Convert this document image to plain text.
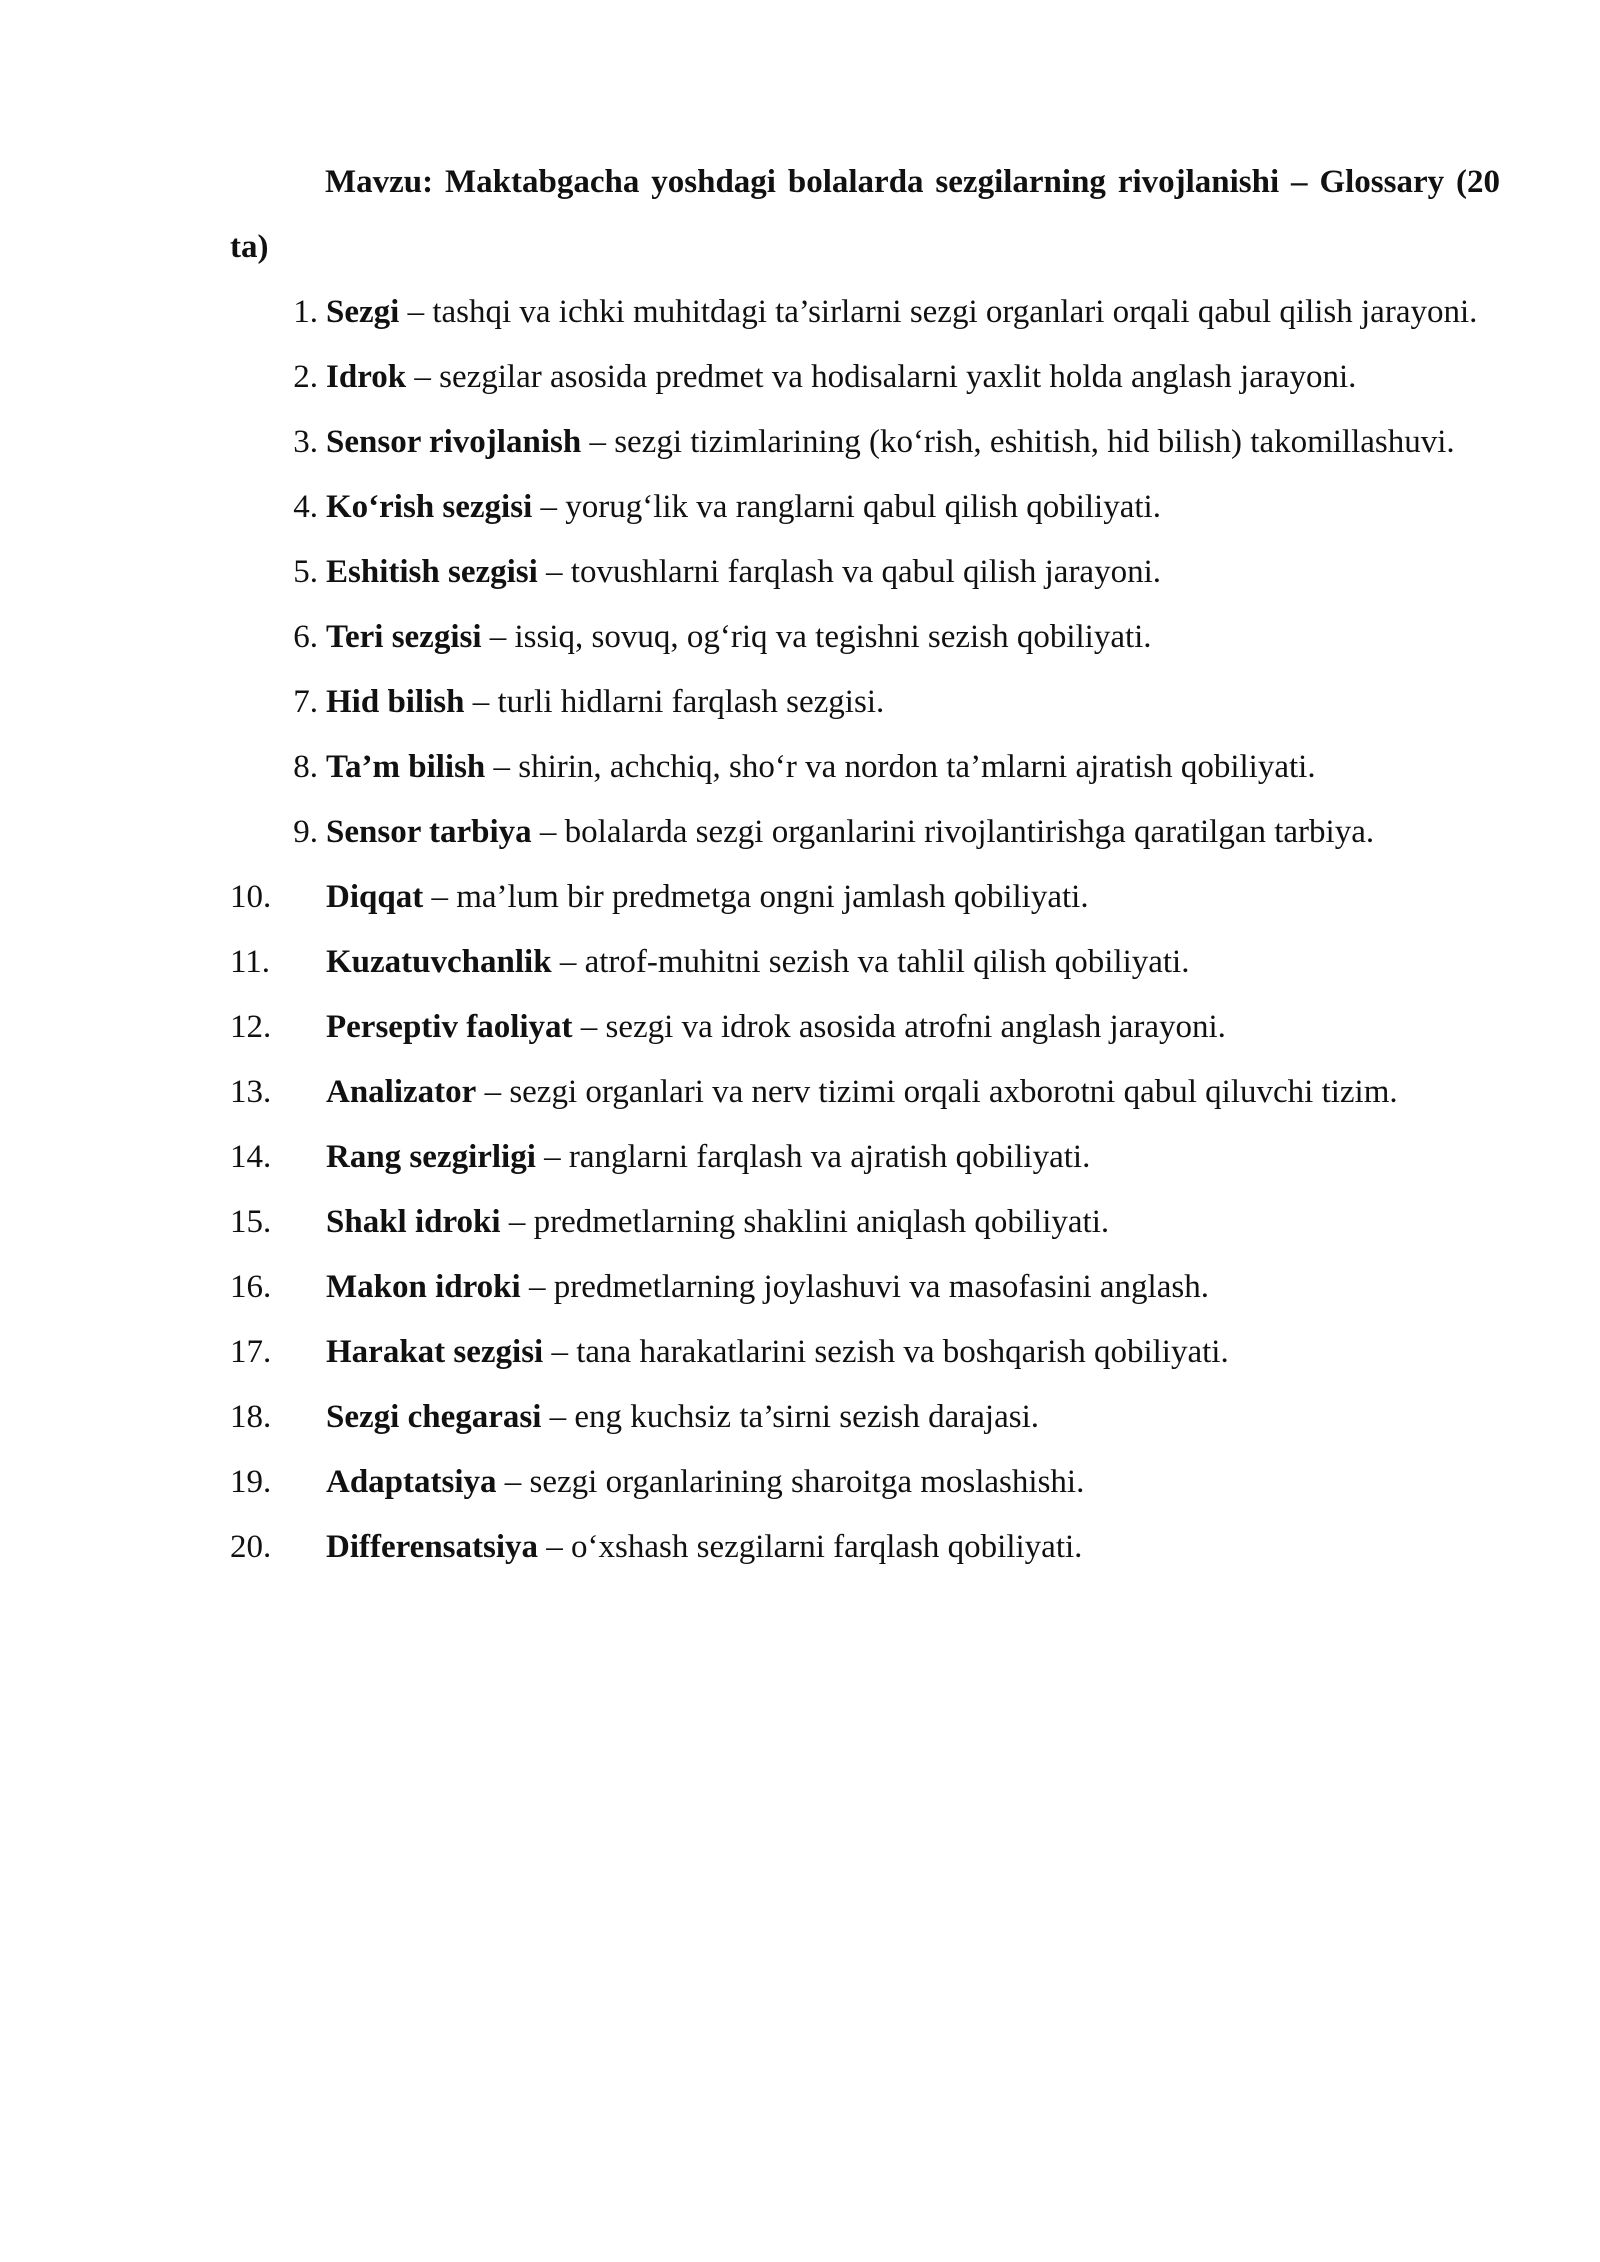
Mavzu: Maktabgacha yoshdagi bolalarda sezgilarning rivojlanishi – Glossary (20 ta)

1. Sezgi – tashqi va ichki muhitdagi ta’sirlarni sezgi organlari orqali qabul qilish jarayoni.
2. Idrok – sezgilar asosida predmet va hodisalarni yaxlit holda anglash jarayoni.
3. Sensor rivojlanish – sezgi tizimlarining (ko‘rish, eshitish, hid bilish) takomillashuvi.
4. Ko‘rish sezgisi – yorug‘lik va ranglarni qabul qilish qobiliyati.
5. Eshitish sezgisi – tovushlarni farqlash va qabul qilish jarayoni.
6. Teri sezgisi – issiq, sovuq, og‘riq va tegishni sezish qobiliyati.
7. Hid bilish – turli hidlarni farqlash sezgisi.
8. Ta’m bilish – shirin, achchiq, sho‘r va nordon ta’mlarni ajratish qobiliyati.
9. Sensor tarbiya – bolalarda sezgi organlarini rivojlantirishga qaratilgan tarbiya.
10.	Diqqat – ma’lum bir predmetga ongni jamlash qobiliyati.
11.	Kuzatuvchanlik – atrof-muhitni sezish va tahlil qilish qobiliyati.
12.	Perseptiv faoliyat – sezgi va idrok asosida atrofni anglash jarayoni.
13.	Analizator – sezgi organlari va nerv tizimi orqali axborotni qabul qiluvchi tizim.
14.	Rang sezgirligi – ranglarni farqlash va ajratish qobiliyati.
15.	Shakl idroki – predmetlarning shaklini aniqlash qobiliyati.
16.	Makon idroki – predmetlarning joylashuvi va masofasini anglash.
17.	Harakat sezgisi – tana harakatlarini sezish va boshqarish qobiliyati.
18.	Sezgi chegarasi – eng kuchsiz ta’sirni sezish darajasi.
19.	Adaptatsiya – sezgi organlarining sharoitga moslashishi.
20.	Differensatsiya – o‘xshash sezgilarni farqlash qobiliyati.
